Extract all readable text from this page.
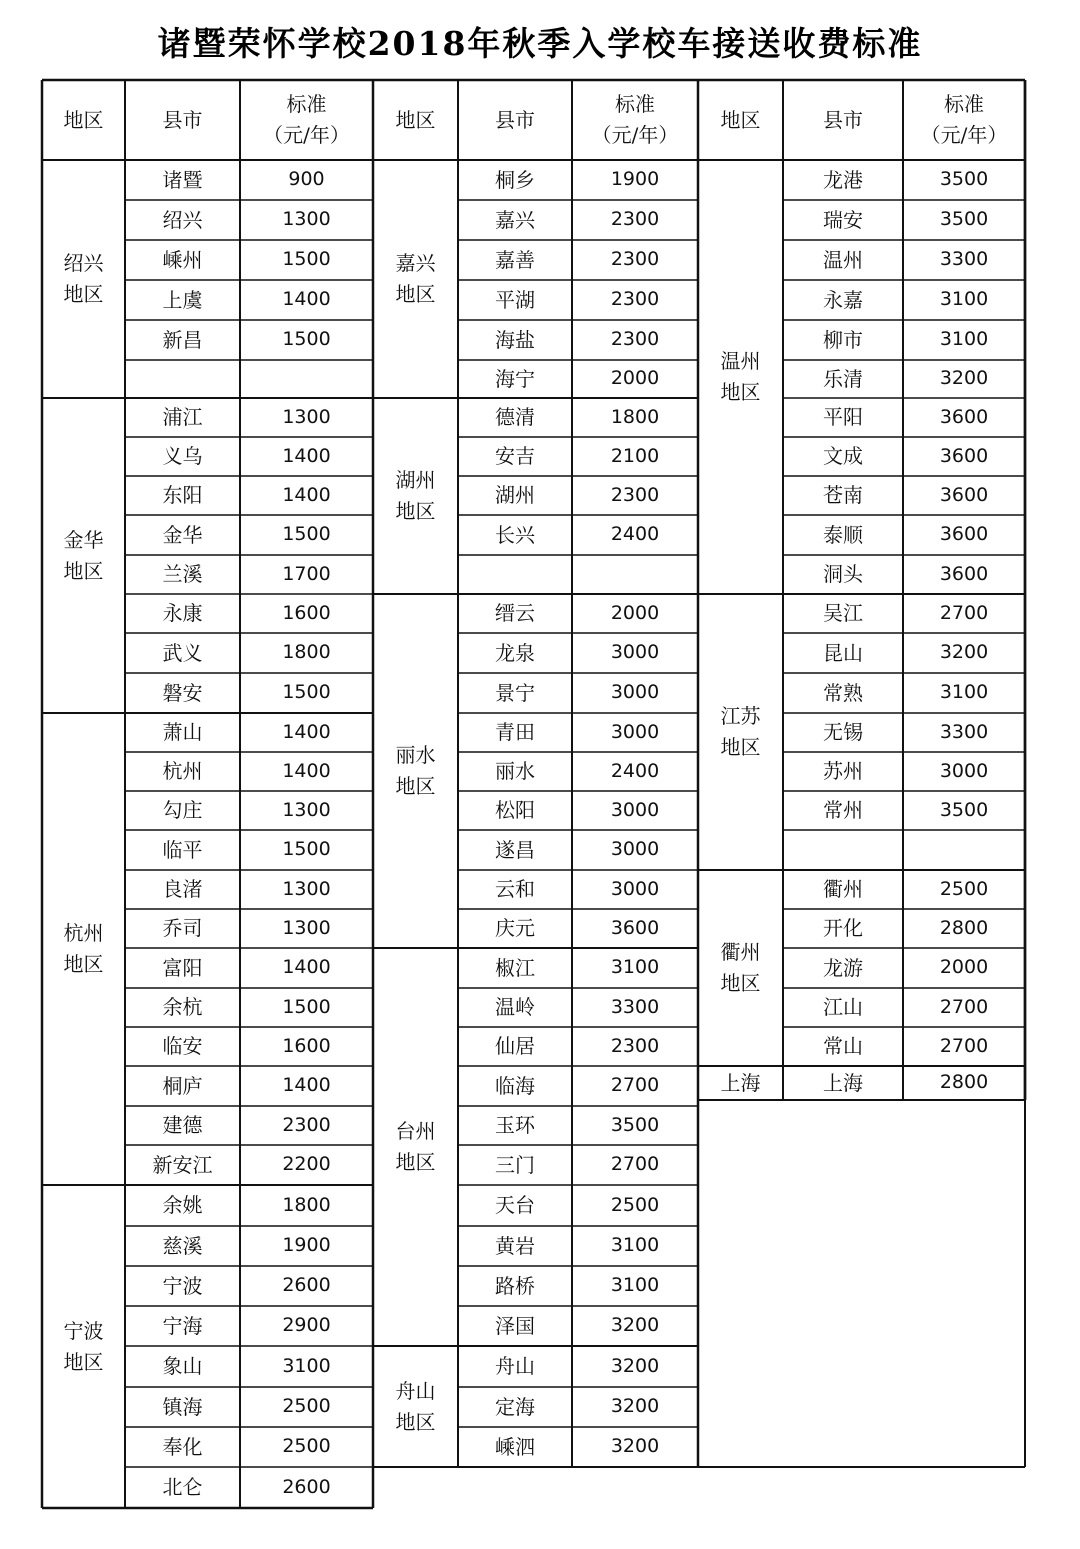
诸暨荣怀学校2018年秋季入学校车接送收费标准
地区	县市
标准
（元/年）
绍兴
地区
诸暨	900
绍兴	1300
嵊州	1500
上虞	1400
新昌	1500
金华
地区
浦江	1300
义乌	1400
东阳	1400
金华	1500
兰溪	1700
永康	1600
武义	1800
磐安	1500
杭州
地区
萧山	1400
杭州	1400
勾庄	1300
临平	1500
良渚	1300
乔司	1300
富阳	1400
余杭	1500
临安	1600
桐庐	1400
建德	2300
新安江	2200
宁波
地区
余姚	1800
慈溪	1900
宁波	2600
宁海	2900
象山	3100
镇海	2500
奉化	2500
北仑	2600
地区	县市
标准
（元/年）
嘉兴
地区
桐乡	1900
嘉兴	2300
嘉善	2300
平湖	2300
海盐	2300
海宁	2000
湖州
地区
德清	1800
安吉	2100
湖州	2300
长兴	2400
丽水
地区
缙云	2000
龙泉	3000
景宁	3000
青田	3000
丽水	2400
松阳	3000
遂昌	3000
云和	3000
庆元	3600
台州
地区
椒江	3100
温岭	3300
仙居	2300
临海	2700
玉环	3500
三门	2700
天台	2500
黄岩	3100
路桥	3100
泽国	3200
舟山
地区
舟山	3200
定海	3200
嵊泗	3200
地区	县市
标准
（元/年）
温州
地区
龙港	3500
瑞安	3500
温州	3300
永嘉	3100
柳市	3100
乐清	3200
平阳	3600
文成	3600
苍南	3600
泰顺	3600
洞头	3600
江苏
地区
吴江	2700
昆山	3200
常熟	3100
无锡	3300
苏州	3000
常州	3500
衢州
地区
衢州	2500
开化	2800
龙游	2000
江山	2700
常山	2700
上海	上海	2800
